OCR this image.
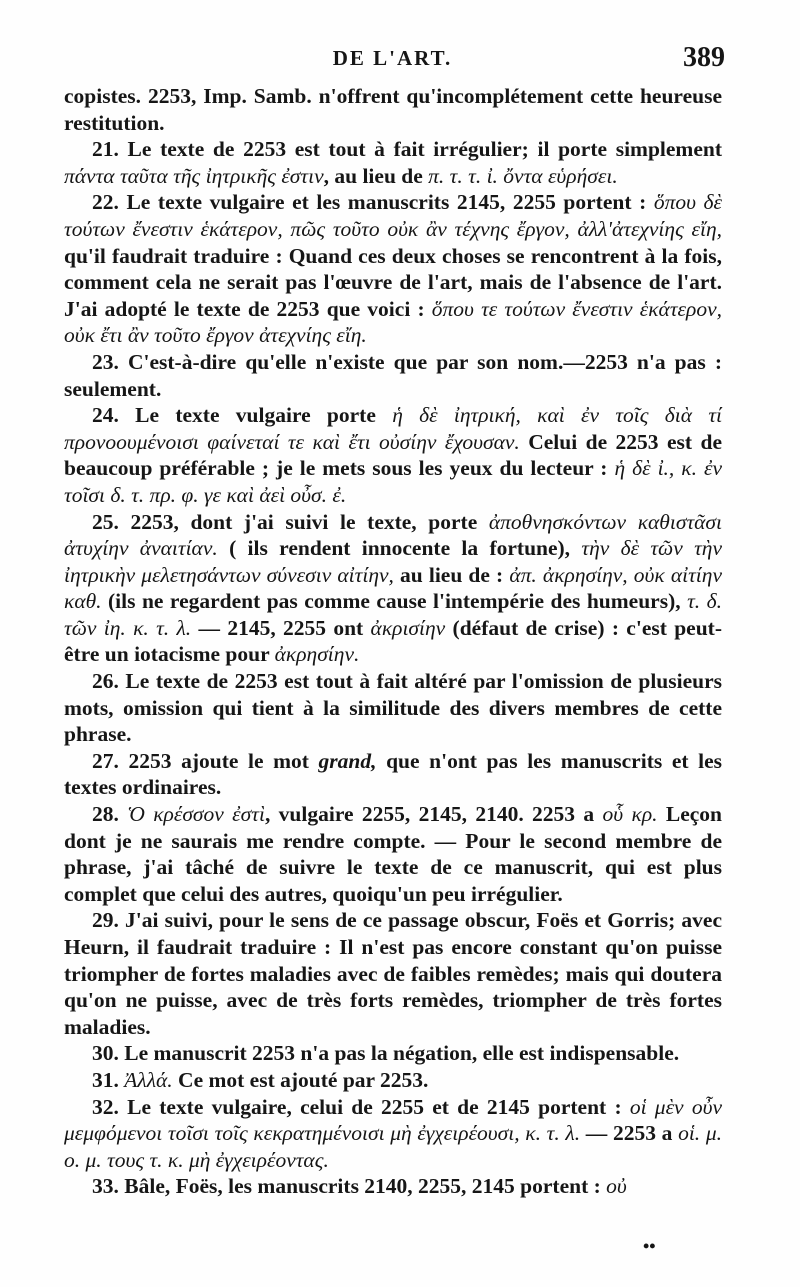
DE L'ART.	389

copistes. 2253, Imp. Samb. n'offrent qu'incomplétement cette heureuse restitution.

21. Le texte de 2253 est tout à fait irrégulier; il porte simplement πάντα ταῦτα τῆς ἰητρικῆς ἐστιν, au lieu de π. τ. τ. ἰ. ὄντα εὑρήσει.

22. Le texte vulgaire et les manuscrits 2145, 2255 portent : ὅπου δὲ τούτων ἔνεστιν ἑκάτερον, πῶς τοῦτο οὐκ ἂν τέχνης ἔργον, ἀλλ'ἀτεχνίης εἴη, qu'il faudrait traduire : Quand ces deux choses se rencontrent à la fois, comment cela ne serait pas l'œuvre de l'art, mais de l'absence de l'art. J'ai adopté le texte de 2253 que voici : ὅπου τε τούτων ἔνεστιν ἑκάτερον, οὐκ ἔτι ἂν τοῦτο ἔργον ἀτεχνίης εἴη.

23. C'est-à-dire qu'elle n'existe que par son nom.—2253 n'a pas : seulement.

24. Le texte vulgaire porte ἡ δὲ ἰητρική, καὶ ἐν τοῖς διὰ τί προνοουμένοισι φαίνεταί τε καὶ ἔτι οὐσίην ἔχουσαν. Celui de 2253 est de beaucoup préférable ; je le mets sous les yeux du lecteur : ἡ δὲ ἰ., κ. ἐν τοῖσι δ. τ. πρ. φ. γε καὶ ἀεὶ οὖσ. ἐ.

25. 2253, dont j'ai suivi le texte, porte ἀποθνησκόντων καθιστᾶσι ἀτυχίην ἀναιτίαν. ( ils rendent innocente la fortune), τὴν δὲ τῶν τὴν ἰητρικὴν μελετησάντων σύνεσιν αἰτίην, au lieu de : ἀπ. ἀκρησίην, οὐκ αἰτίην καθ. (ils ne regardent pas comme cause l'intempérie des humeurs), τ. δ. τῶν ἰη. κ. τ. λ. — 2145, 2255 ont ἀκρισίην (défaut de crise) : c'est peut-être un iotacisme pour ἀκρησίην.

26. Le texte de 2253 est tout à fait altéré par l'omission de plusieurs mots, omission qui tient à la similitude des divers membres de cette phrase.

27. 2253 ajoute le mot grand, que n'ont pas les manuscrits et les textes ordinaires.

28. Ὁ κρέσσον ἐστὶ, vulgaire 2255, 2145, 2140. 2253 a οὗ κρ. Leçon dont je ne saurais me rendre compte. — Pour le second membre de phrase, j'ai tâché de suivre le texte de ce manuscrit, qui est plus complet que celui des autres, quoiqu'un peu irrégulier.

29. J'ai suivi, pour le sens de ce passage obscur, Foës et Gorris; avec Heurn, il faudrait traduire : Il n'est pas encore constant qu'on puisse triompher de fortes maladies avec de faibles remèdes; mais qui doutera qu'on ne puisse, avec de très forts remèdes, triompher de très fortes maladies.

30. Le manuscrit 2253 n'a pas la négation, elle est indispensable.

31. Ἀλλά. Ce mot est ajouté par 2253.

32. Le texte vulgaire, celui de 2255 et de 2145 portent : οἱ μὲν οὖν μεμφόμενοι τοῖσι τοῖς κεκρατημένοισι μὴ ἐγχειρέουσι, κ. τ. λ. — 2253 a οἱ. μ. ο. μ. τους τ. κ. μὴ ἐγχειρέοντας.

33. Bâle, Foës, les manuscrits 2140, 2255, 2145 portent : οὐ

••
